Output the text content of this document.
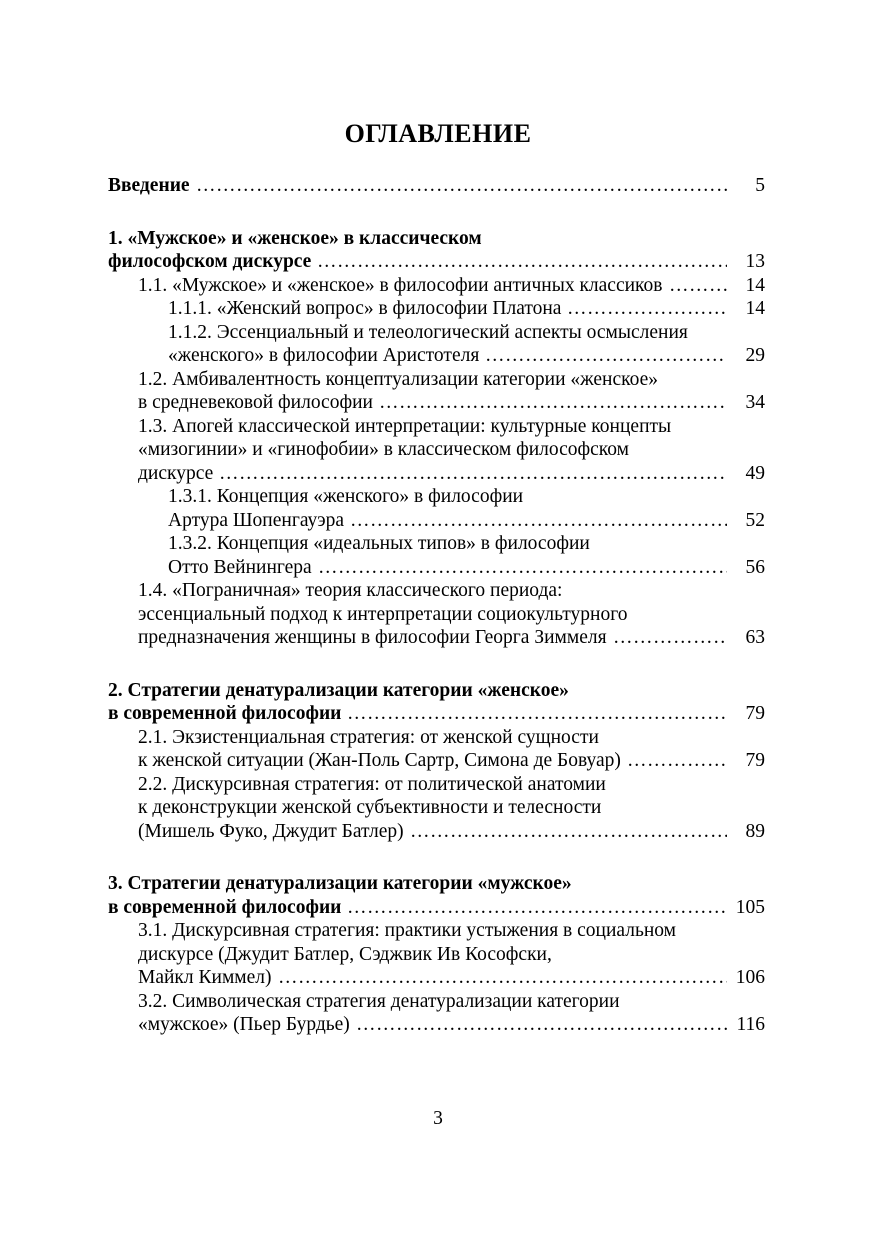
ОГЛАВЛЕНИЕ
Введение …………………………………………………………………………………………………………………………………………………………………	5
1. «Мужское» и «женское» в классическом
философском дискурсе …………………………………………………………………………………………………………………………………………………………………	13
1.1. «Мужское» и «женское» в философии античных классиков …………………………………………………………………………………………………………………………………………………………………	14
1.1.1. «Женский вопрос» в философии Платона …………………………………………………………………………………………………………………………………………………………………	14
1.1.2. Эссенциальный и телеологический аспекты осмысления
«женского» в философии Аристотеля …………………………………………………………………………………………………………………………………………………………………	29
1.2. Амбивалентность концептуализации категории «женское»
в средневековой философии …………………………………………………………………………………………………………………………………………………………………	34
1.3. Апогей классической интерпретации: культурные концепты
«мизогинии» и «гинофобии» в классическом философском
дискурсе …………………………………………………………………………………………………………………………………………………………………	49
1.3.1. Концепция «женского» в философии
Артура Шопенгауэра …………………………………………………………………………………………………………………………………………………………………	52
1.3.2. Концепция «идеальных типов» в философии
Отто Вейнингера …………………………………………………………………………………………………………………………………………………………………	56
1.4. «Пограничная» теория классического периода:
эссенциальный подход к интерпретации социокультурного
предназначения женщины в философии Георга Зиммеля …………………………………………………………………………………………………………………………………………………………………	63
2. Стратегии денатурализации категории «женское»
в современной философии …………………………………………………………………………………………………………………………………………………………………	79
2.1. Экзистенциальная стратегия: от женской сущности
к женской ситуации (Жан-Поль Сартр, Симона де Бовуар) …………………………………………………………………………………………………………………………………………………………………	79
2.2. Дискурсивная стратегия: от политической анатомии
к деконструкции женской субъективности и телесности
(Мишель Фуко, Джудит Батлер) …………………………………………………………………………………………………………………………………………………………………	89
3. Стратегии денатурализации категории «мужское»
в современной философии …………………………………………………………………………………………………………………………………………………………………	105
3.1. Дискурсивная стратегия: практики устыжения в социальном
дискурсе (Джудит Батлер, Сэджвик Ив Кософски,
Майкл Киммел) …………………………………………………………………………………………………………………………………………………………………	106
3.2. Символическая стратегия денатурализации категории
«мужское» (Пьер Бурдье) …………………………………………………………………………………………………………………………………………………………………	116
3
